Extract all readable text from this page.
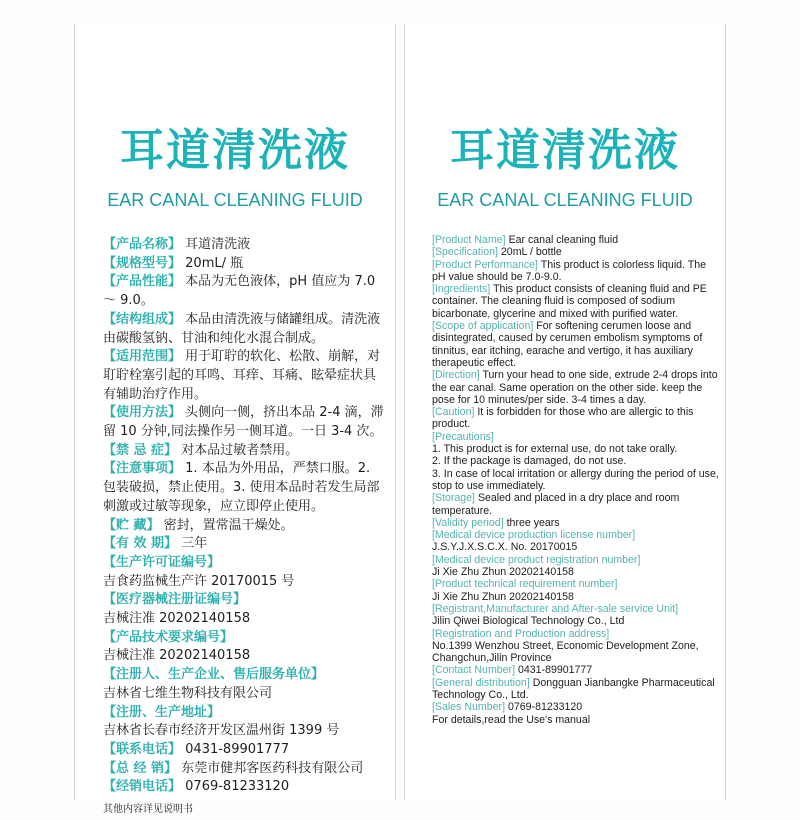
耳道清洗液
EAR CANAL CLEANING FLUID
【产品名称】 耳道清洗液
【规格型号】 20mL/ 瓶
【产品性能】 本品为无色液体，pH 值应为 7.0 ～ 9.0。
【结构组成】 本品由清洗液与储罐组成。清洗液由碳酸氢钠、甘油和纯化水混合制成。
【适用范围】 用于耵聍的软化、松散、崩解，对耵聍栓塞引起的耳鸣、耳痒、耳痛、眩晕症状具有辅助治疗作用。
【使用方法】 头侧向一侧，挤出本品 2-4 滴，滞留 10 分钟,同法操作另一侧耳道。一日 3-4 次。
【禁 忌 症】 对本品过敏者禁用。
【注意事项】 1. 本品为外用品，严禁口服。2. 包装破损，禁止使用。3. 使用本品时若发生局部刺激或过敏等现象，应立即停止使用。
【贮 藏】 密封，置常温干燥处。
【有 效 期】 三年
【生产许可证编号】
吉食药监械生产许 20170015 号
【医疗器械注册证编号】
吉械注准 20202140158
【产品技术要求编号】
吉械注准 20202140158
【注册人、生产企业、售后服务单位】
吉林省七维生物科技有限公司
【注册、生产地址】
吉林省长春市经济开发区温州街 1399 号
【联系电话】 0431-89901777
【总 经 销】 东莞市健邦客医药科技有限公司
【经销电话】 0769-81233120
其他内容详见说明书
耳道清洗液
EAR CANAL CLEANING FLUID
[Product Name] Ear canal cleaning fluid
[Specification] 20mL / bottle
[Product Performance] This product is colorless liquid. The pH value should be 7.0-9.0.
[Ingredients] This product consists of cleaning fluid and PE container. The cleaning fluid is composed of sodium bicarbonate, glycerine and mixed with purified water.
[Scope of application] For softening cerumen loose and disintegrated, caused by cerumen embolism symptoms of tinnitus, ear itching, earache and vertigo, it has auxiliary therapeutic effect.
[Direction] Turn your head to one side, extrude 2-4 drops into the ear canal. Same operation on the other side. keep the pose for 10 minutes/per side. 3-4 times a day.
[Caution] It is forbidden for those who are allergic to this product.
[Precautions]
1. This product is for external use, do not take orally.
2. If the package is damaged, do not use.
3. In case of local irritation or allergy during the period of use, stop to use immediately.
[Storage] Sealed and placed in a dry place and room temperature.
[Validity period] three years
[Medical device production license number]
J.S.Y.J.X.S.C.X. No. 20170015
[Medical device product registration number]
Ji Xie Zhu Zhun 20202140158
[Product technical requirement number]
Ji Xie Zhu Zhun 20202140158
[Registrant,Manufacturer and After-sale service Unit]
Jilin Qiwei Biological Technology Co., Ltd
[Registration and Production address]
No.1399 Wenzhou Street, Economic Development Zone, Changchun,Jilin Province
[Contact Number] 0431-89901777
[General distribution] Dongguan Jianbangke Pharmaceutical Technology Co., Ltd.
[Sales Number] 0769-81233120
For details,read the Use's manual
